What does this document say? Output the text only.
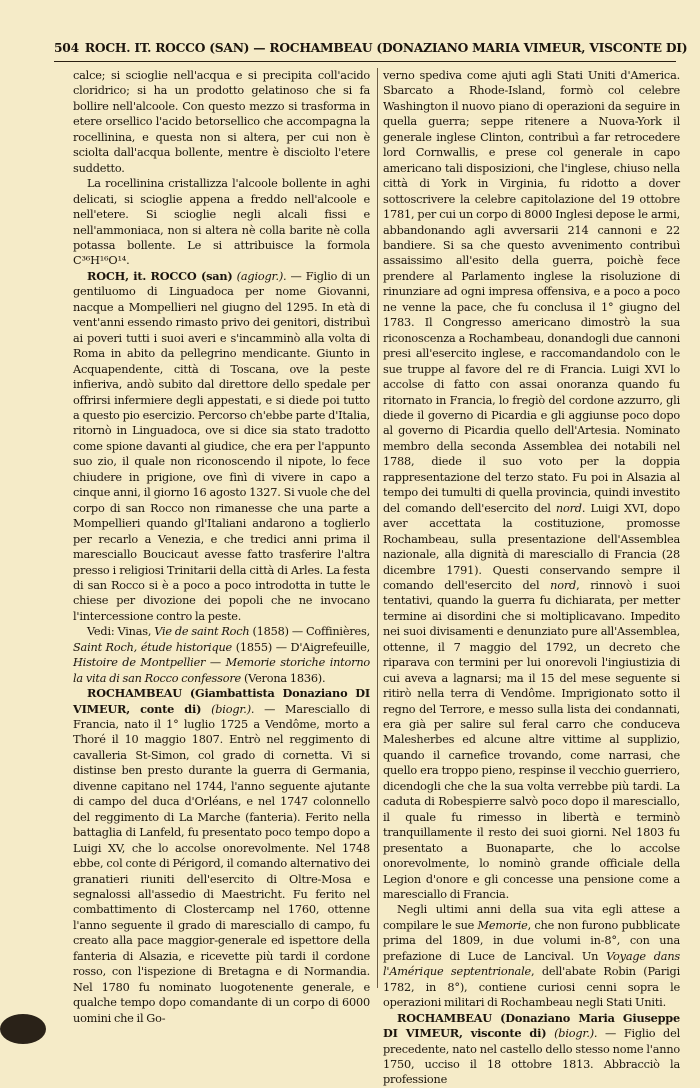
504 ROCH. IT. ROCCO (SAN) — ROCHAMBEAU (DONAZIANO MARIA VIMEUR, VISCONTE DI)

calce; si scioglie nell'acqua e si precipita coll'acido cloridrico; si ha un prodotto gelatinoso che si fa bollire nell'alcoole. Con questo mezzo si trasforma in etere orsellico l'acido betorsellico che accompagna la rocellinina, e questa non si altera, per cui non è sciolta dall'acqua bollente, mentre è disciolto l'etere suddetto.

La rocellinina cristallizza l'alcoole bollente in aghi delicati, si scioglie appena a freddo nell'alcoole e nell'etere. Si scioglie negli alcali fissi e nell'ammoniaca, non si altera nè colla barite nè colla potassa bollente. Le si attribuisce la formola C³⁶H¹⁶O¹⁴.

ROCH, it. ROCCO (san) (agiogr.). — Figlio di un gentiluomo di Linguadoca per nome Giovanni, nacque a Mompellieri nel giugno del 1295. In età di vent'anni essendo rimasto privo dei genitori, distribuì ai poveri tutti i suoi averi e s'incamminò alla volta di Roma in abito da pellegrino mendicante. Giunto in Acquapendente, città di Toscana, ove la peste infieriva, andò subito dal direttore dello spedale per offrirsi infermiere degli appestati, e si diede poi tutto a questo pio esercizio. Percorso ch'ebbe parte d'Italia, ritornò in Linguadoca, ove si dice sia stato tradotto come spione davanti al giudice, che era per l'appunto suo zio, il quale non riconoscendo il nipote, lo fece chiudere in prigione, ove finì di vivere in capo a cinque anni, il giorno 16 agosto 1327. Si vuole che del corpo di san Rocco non rimanesse che una parte a Mompellieri quando gl'Italiani andarono a toglierlo per recarlo a Venezia, e che tredici anni prima il maresciallo Boucicaut avesse fatto trasferire l'altra presso i religiosi Trinitarii della città di Arles. La festa di san Rocco si è a poco a poco introdotta in tutte le chiese per divozione dei popoli che ne invocano l'intercessione contro la peste.

Vedi: Vinas, Vie de saint Roch (1858) — Coffinières, Saint Roch, étude historique (1855) — D'Aigrefeuille, Histoire de Montpellier — Memorie storiche intorno la vita di san Rocco confessore (Verona 1836).

ROCHAMBEAU (Giambattista Donaziano DI VIMEUR, conte di) (biogr.). — Maresciallo di Francia, nato il 1° luglio 1725 a Vendôme, morto a Thoré il 10 maggio 1807. Entrò nel reggimento di cavalleria St-Simon, col grado di cornetta. Vi si distinse ben presto durante la guerra di Germania, divenne capitano nel 1744, l'anno seguente ajutante di campo del duca d'Orléans, e nel 1747 colonnello del reggimento di La Marche (fanteria). Ferito nella battaglia di Lanfeld, fu presentato poco tempo dopo a Luigi XV, che lo accolse onorevolmente. Nel 1748 ebbe, col conte di Périgord, il comando alternativo dei granatieri riuniti dell'esercito di Oltre-Mosa e segnalossi all'assedio di Maestricht. Fu ferito nel combattimento di Clostercamp nel 1760, ottenne l'anno seguente il grado di maresciallo di campo, fu creato alla pace maggior-generale ed ispettore della fanteria di Alsazia, e ricevette più tardi il cordone rosso, con l'ispezione di Bretagna e di Normandia. Nel 1780 fu nominato luogotenente generale, e qualche tempo dopo comandante di un corpo di 6000 uomini che il Go-

verno spediva come ajuti agli Stati Uniti d'America. Sbarcato a Rhode-Island, formò col celebre Washington il nuovo piano di operazioni da seguire in quella guerra; seppe ritenere a Nuova-York il generale inglese Clinton, contribuì a far retrocedere lord Cornwallis, e prese col generale in capo americano tali disposizioni, che l'inglese, chiuso nella città di York in Virginia, fu ridotto a dover sottoscrivere la celebre capitolazione del 19 ottobre 1781, per cui un corpo di 8000 Inglesi depose le armi, abbandonando agli avversarii 214 cannoni e 22 bandiere. Si sa che questo avvenimento contribuì assaissimo all'esito della guerra, poichè fece prendere al Parlamento inglese la risoluzione di rinunziare ad ogni impresa offensiva, e a poco a poco ne venne la pace, che fu conclusa il 1° giugno del 1783. Il Congresso americano dimostrò la sua riconoscenza a Rochambeau, donandogli due cannoni presi all'esercito inglese, e raccomandandolo con le sue truppe al favore del re di Francia. Luigi XVI lo accolse di fatto con assai onoranza quando fu ritornato in Francia, lo fregiò del cordone azzurro, gli diede il governo di Picardia e gli aggiunse poco dopo al governo di Picardia quello dell'Artesia. Nominato membro della seconda Assemblea dei notabili nel 1788, diede il suo voto per la doppia rappresentazione del terzo stato. Fu poi in Alsazia al tempo dei tumulti di quella provincia, quindi investito del comando dell'esercito del nord. Luigi XVI, dopo aver accettata la costituzione, promosse Rochambeau, sulla presentazione dell'Assemblea nazionale, alla dignità di maresciallo di Francia (28 dicembre 1791). Questi conservando sempre il comando dell'esercito del nord, rinnovò i suoi tentativi, quando la guerra fu dichiarata, per metter termine ai disordini che si moltiplicavano. Impedito nei suoi divisamenti e denunziato pure all'Assemblea, ottenne, il 7 maggio del 1792, un decreto che riparava con termini per lui onorevoli l'ingiustizia di cui aveva a lagnarsi; ma il 15 del mese seguente si ritirò nella terra di Vendôme. Imprigionato sotto il regno del Terrore, e messo sulla lista dei condannati, era già per salire sul feral carro che conduceva Malesherbes ed alcune altre vittime al supplizio, quando il carnefice trovando, come narrasi, che quello era troppo pieno, respinse il vecchio guerriero, dicendogli che che la sua volta verrebbe più tardi. La caduta di Robespierre salvò poco dopo il maresciallo, il quale fu rimesso in libertà e terminò tranquillamente il resto dei suoi giorni. Nel 1803 fu presentato a Buonaparte, che lo accolse onorevolmente, lo nominò grande officiale della Legion d'onore e gli concesse una pensione come a maresciallo di Francia.

Negli ultimi anni della sua vita egli attese a compilare le sue Memorie, che non furono pubblicate prima del 1809, in due volumi in-8°, con una prefazione di Luce de Lancival. Un Voyage dans l'Amérique septentrionale, dell'abate Robin (Parigi 1782, in 8°), contiene curiosi cenni sopra le operazioni militari di Rochambeau negli Stati Uniti.

ROCHAMBEAU (Donaziano Maria Giuseppe DI VIMEUR, visconte di) (biogr.). — Figlio del precedente, nato nel castello dello stesso nome l'anno 1750, ucciso il 18 ottobre 1813. Abbracciò la professione
